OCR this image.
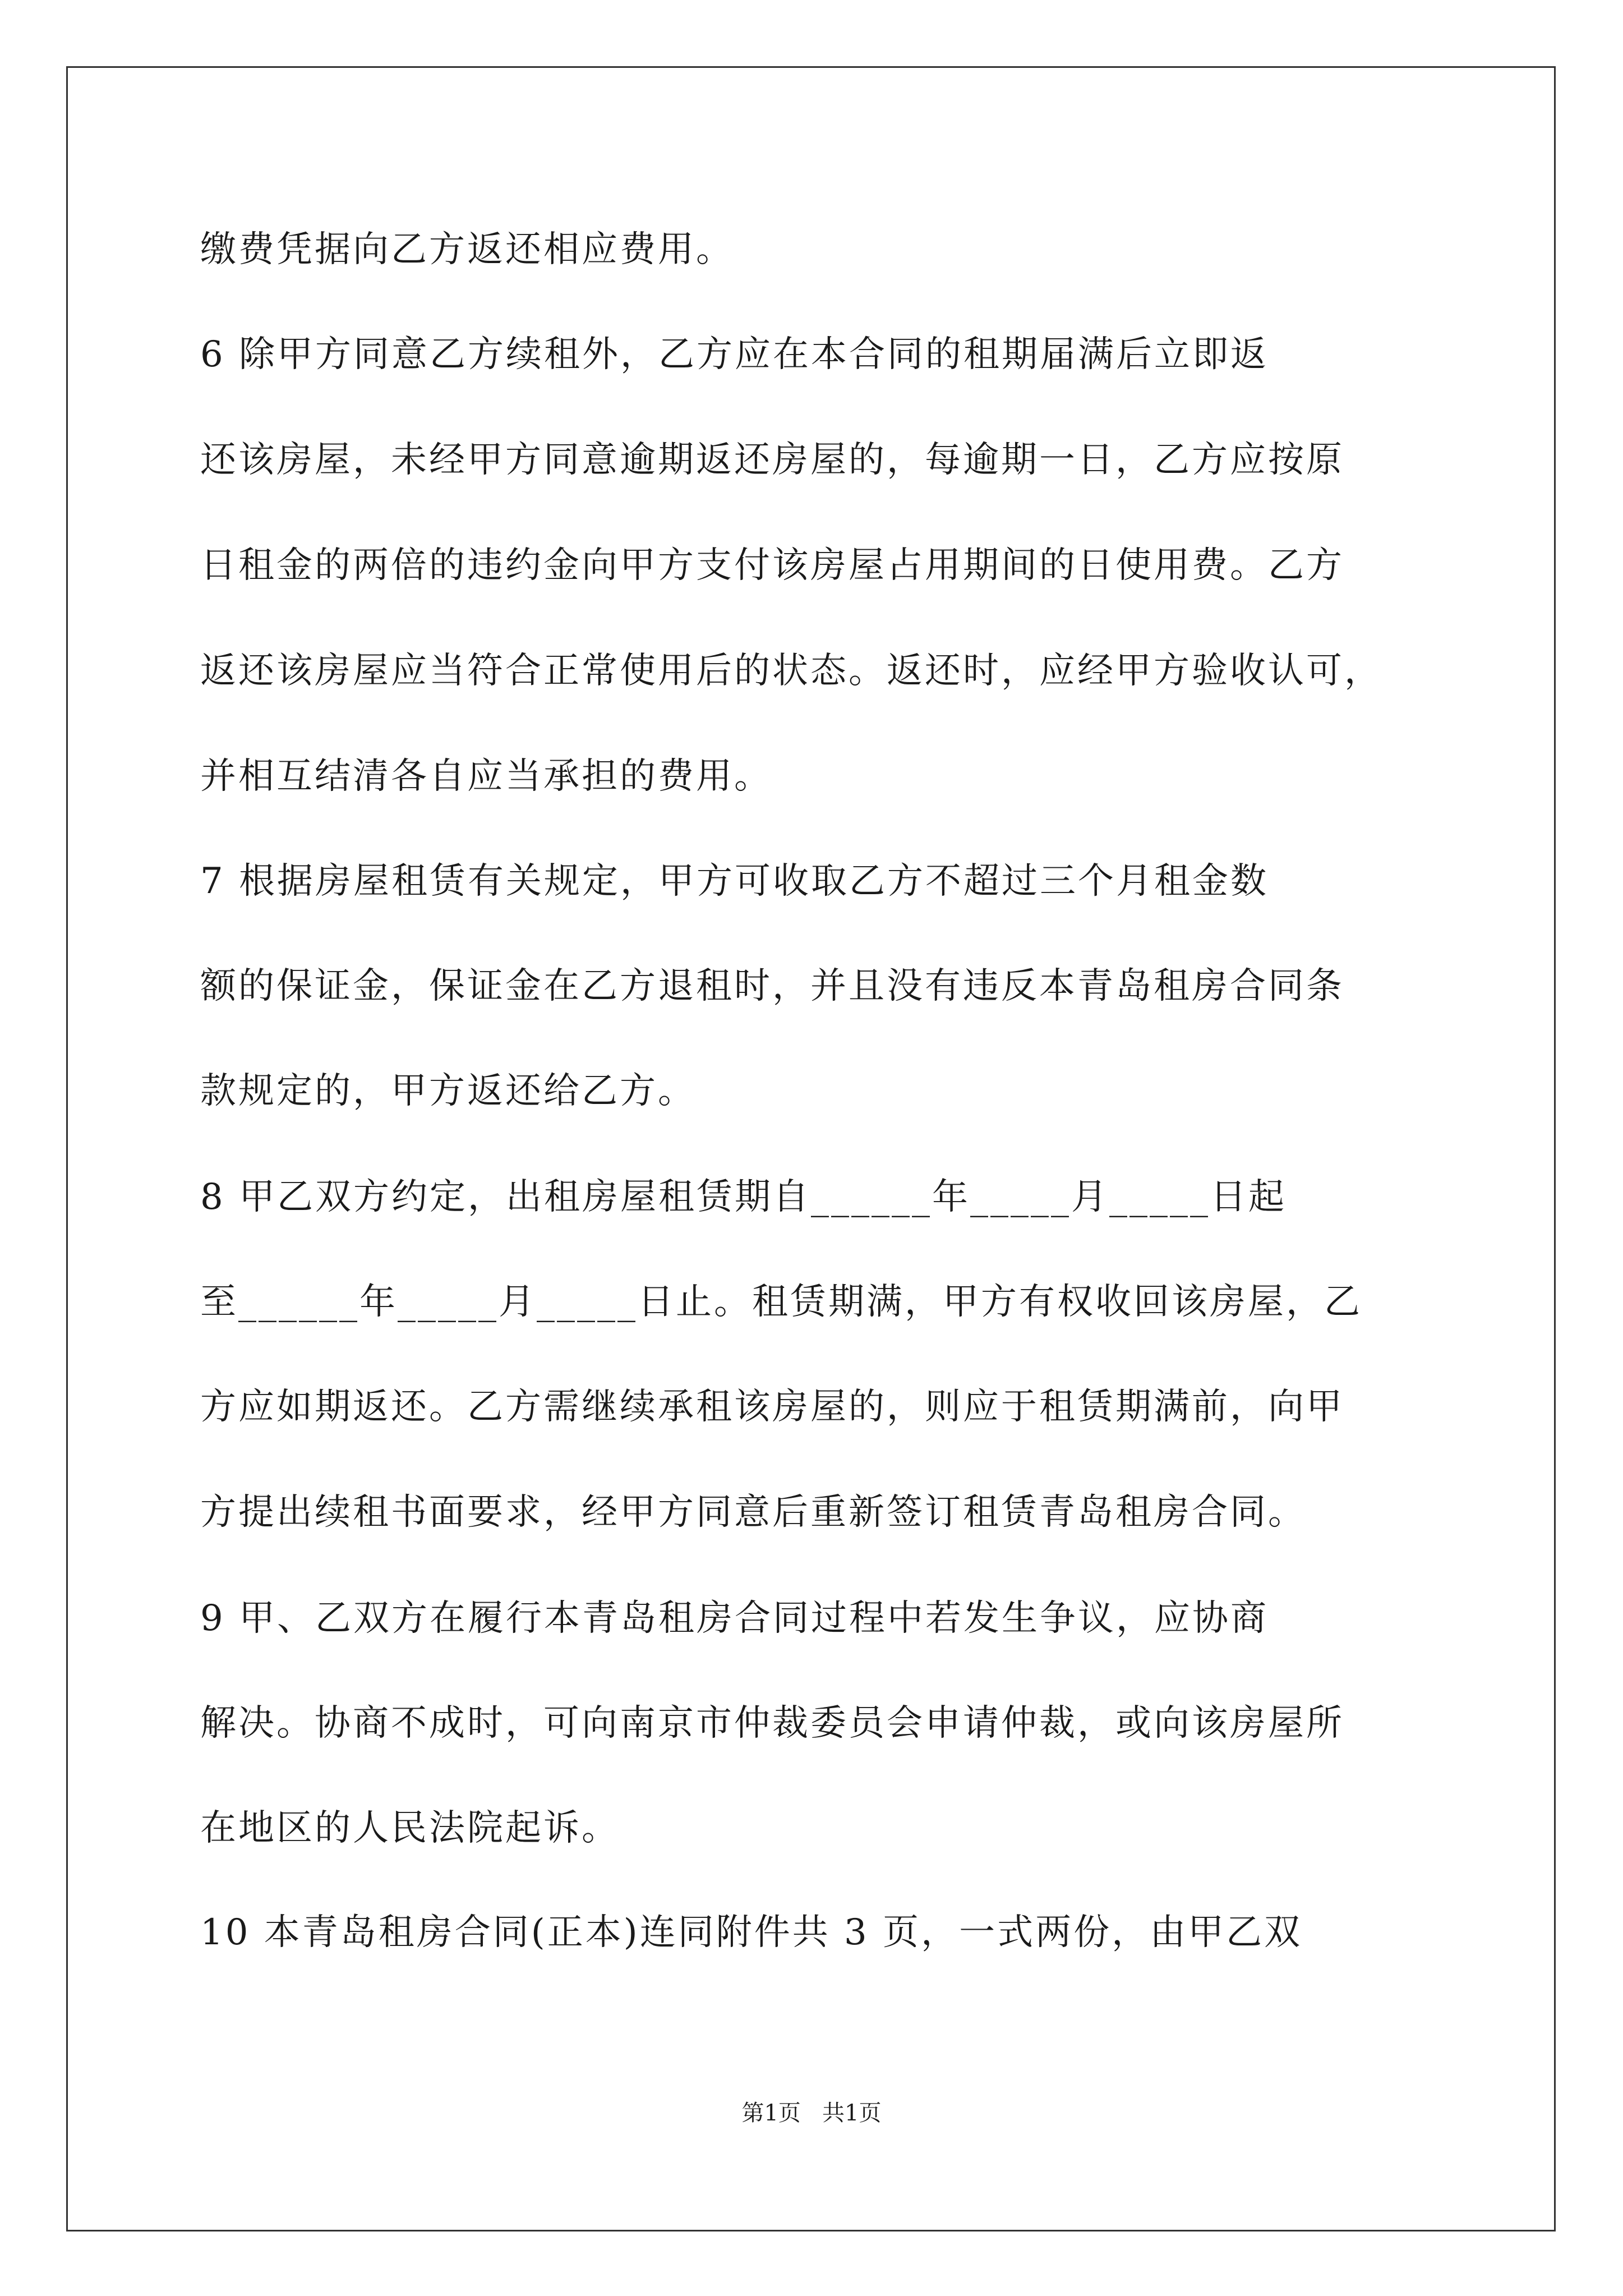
缴费凭据向乙方返还相应费用。
6 除甲方同意乙方续租外，乙方应在本合同的租期届满后立即返
还该房屋，未经甲方同意逾期返还房屋的，每逾期一日，乙方应按原
日租金的两倍的违约金向甲方支付该房屋占用期间的日使用费。乙方
返还该房屋应当符合正常使用后的状态。返还时，应经甲方验收认可，
并相互结清各自应当承担的费用。
7 根据房屋租赁有关规定，甲方可收取乙方不超过三个月租金数
额的保证金，保证金在乙方退租时，并且没有违反本青岛租房合同条
款规定的，甲方返还给乙方。
8 甲乙双方约定，出租房屋租赁期自______年_____月_____日起
至______年_____月_____日止。租赁期满，甲方有权收回该房屋，乙
方应如期返还。乙方需继续承租该房屋的，则应于租赁期满前，向甲
方提出续租书面要求，经甲方同意后重新签订租赁青岛租房合同。
9 甲、乙双方在履行本青岛租房合同过程中若发生争议，应协商
解决。协商不成时，可向南京市仲裁委员会申请仲裁，或向该房屋所
在地区的人民法院起诉。
10 本青岛租房合同(正本)连同附件共 3 页，一式两份，由甲乙双
第1页   共1页
